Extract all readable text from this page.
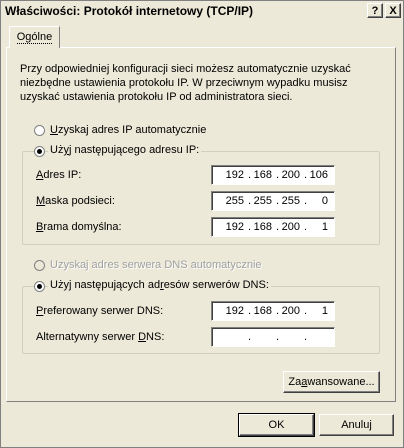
Właściwości: Protokół internetowy (TCP/IP)	? X
Ogólne
Przy odpowiedniej konfiguracji sieci możesz automatycznie uzyskać niezbędne ustawienia protokołu IP. W przeciwnym wypadku musisz uzyskać ustawienia protokołu IP od administratora sieci.
Uzyskaj adres IP automatycznie
Użyj następującego adresu IP:
Adres IP:	192 . 168 . 200 . 106
Maska podsieci:	255 . 255 . 255 .	0
Brama domyślna:	192 . 168 . 200 .	1
Uzyskaj adres serwera DNS automatycznie
Użyj następujących adresów serwerów DNS:
Preferowany serwer DNS:	192 . 168 . 200 .	1
Alternatywny serwer DNS:	. . .
Zaawansowane...
OK	Anuluj
